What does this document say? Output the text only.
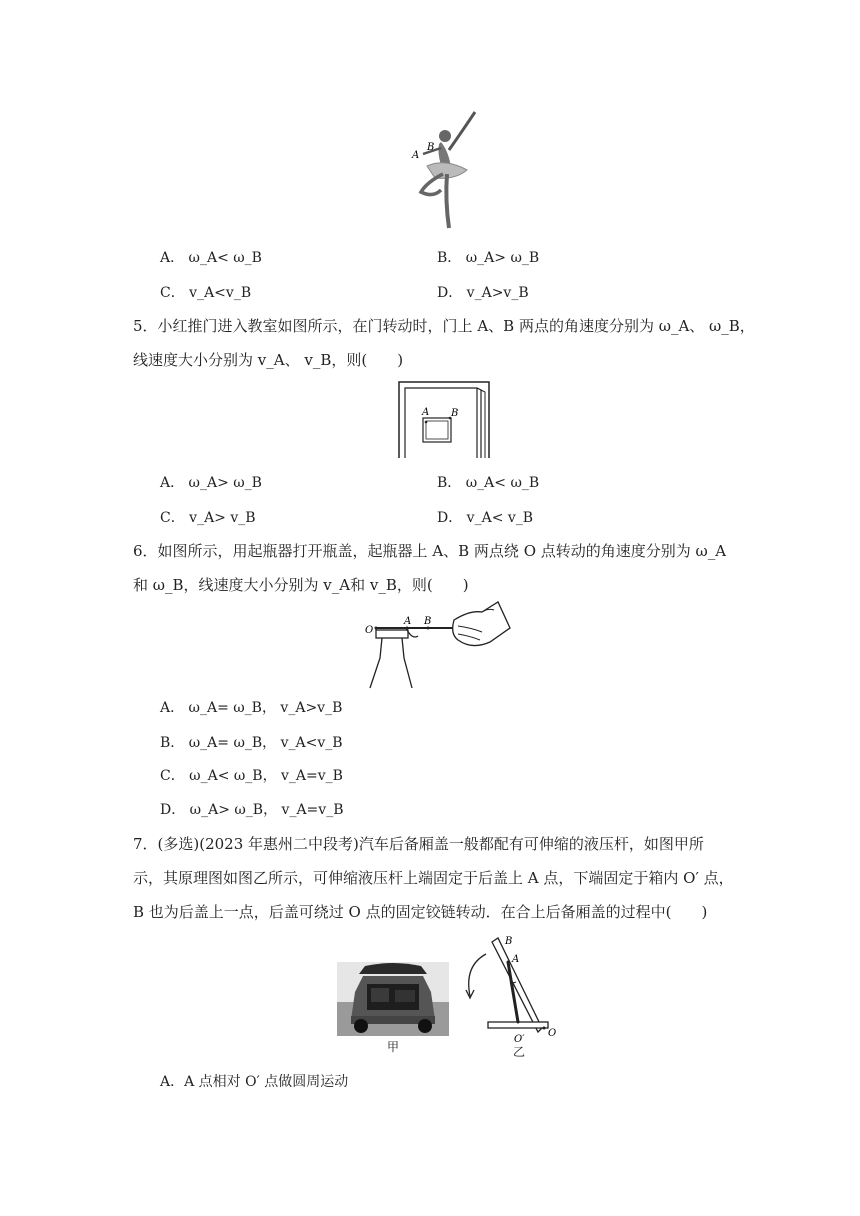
A
B
A． ω_A< ω_B	B． ω_A> ω_B
C． v_A<v_B	D． v_A>v_B
5．小红推门进入教室如图所示，在门转动时，门上 A、B 两点的角速度分别为 ω_A、 ω_B，
线速度大小分别为 v_A、 v_B，则(　　)
A B
A． ω_A> ω_B	B． ω_A< ω_B
C． v_A> v_B	D． v_A< v_B
6．如图所示，用起瓶器打开瓶盖，起瓶器上 A、B 两点绕 O 点转动的角速度分别为 ω_A
和 ω_B，线速度大小分别为 v_A和 v_B，则(　　)
O
A B
A． ω_A= ω_B， v_A>v_B
B． ω_A= ω_B， v_A<v_B
C． ω_A< ω_B， v_A=v_B
D． ω_A> ω_B， v_A=v_B
7．(多选)(2023 年惠州二中段考)汽车后备厢盖一般都配有可伸缩的液压杆，如图甲所
示，其原理图如图乙所示，可伸缩液压杆上端固定于后盖上 A 点，下端固定于箱内 O′ 点，
B 也为后盖上一点，后盖可绕过 O 点的固定铰链转动．在合上后备厢盖的过程中(　　)
甲
B
A
O
O′
乙
A．A 点相对 O′ 点做圆周运动
